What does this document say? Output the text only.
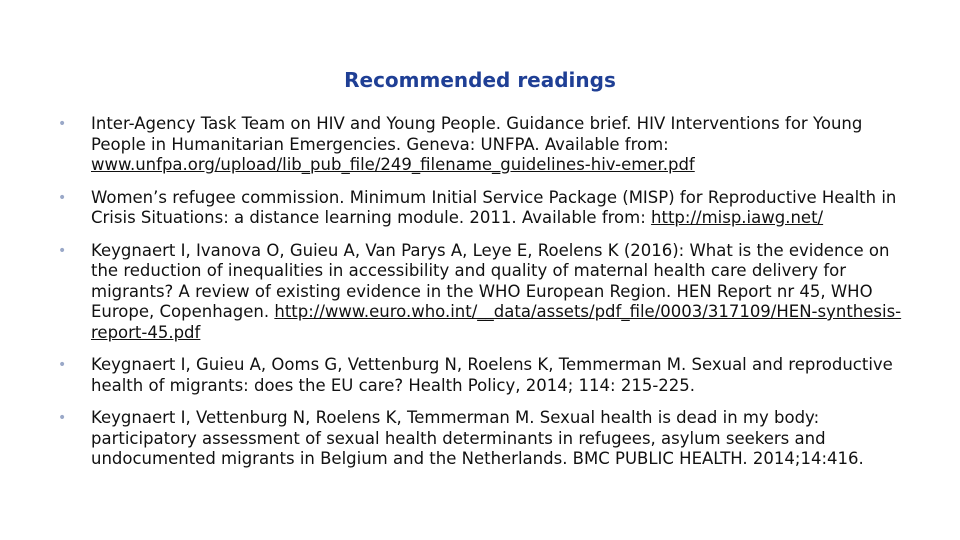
Recommended readings
• Inter-Agency Task Team on HIV and Young People. Guidance brief. HIV Interventions for Young People in Humanitarian Emergencies. Geneva: UNFPA. Available from: www.unfpa.org/upload/lib_pub_file/249_filename_guidelines-hiv-emer.pdf
• Women’s refugee commission. Minimum Initial Service Package (MISP) for Reproductive Health in Crisis Situations: a distance learning module. 2011. Available from: http://misp.iawg.net/
• Keygnaert I, Ivanova O, Guieu A, Van Parys A, Leye E, Roelens K (2016): What is the evidence on the reduction of inequalities in accessibility and quality of maternal health care delivery for migrants? A review of existing evidence in the WHO European Region. HEN Report nr 45, WHO Europe, Copenhagen. http://www.euro.who.int/__data/assets/pdf_file/0003/317109/HEN-synthesis-report-45.pdf
• Keygnaert I, Guieu A, Ooms G, Vettenburg N, Roelens K, Temmerman M. Sexual and reproductive health of migrants: does the EU care? Health Policy, 2014; 114: 215-225.
• Keygnaert I, Vettenburg N, Roelens K, Temmerman M. Sexual health is dead in my body: participatory assessment of sexual health determinants in refugees, asylum seekers and undocumented migrants in Belgium and the Netherlands. BMC PUBLIC HEALTH. 2014;14:416.
